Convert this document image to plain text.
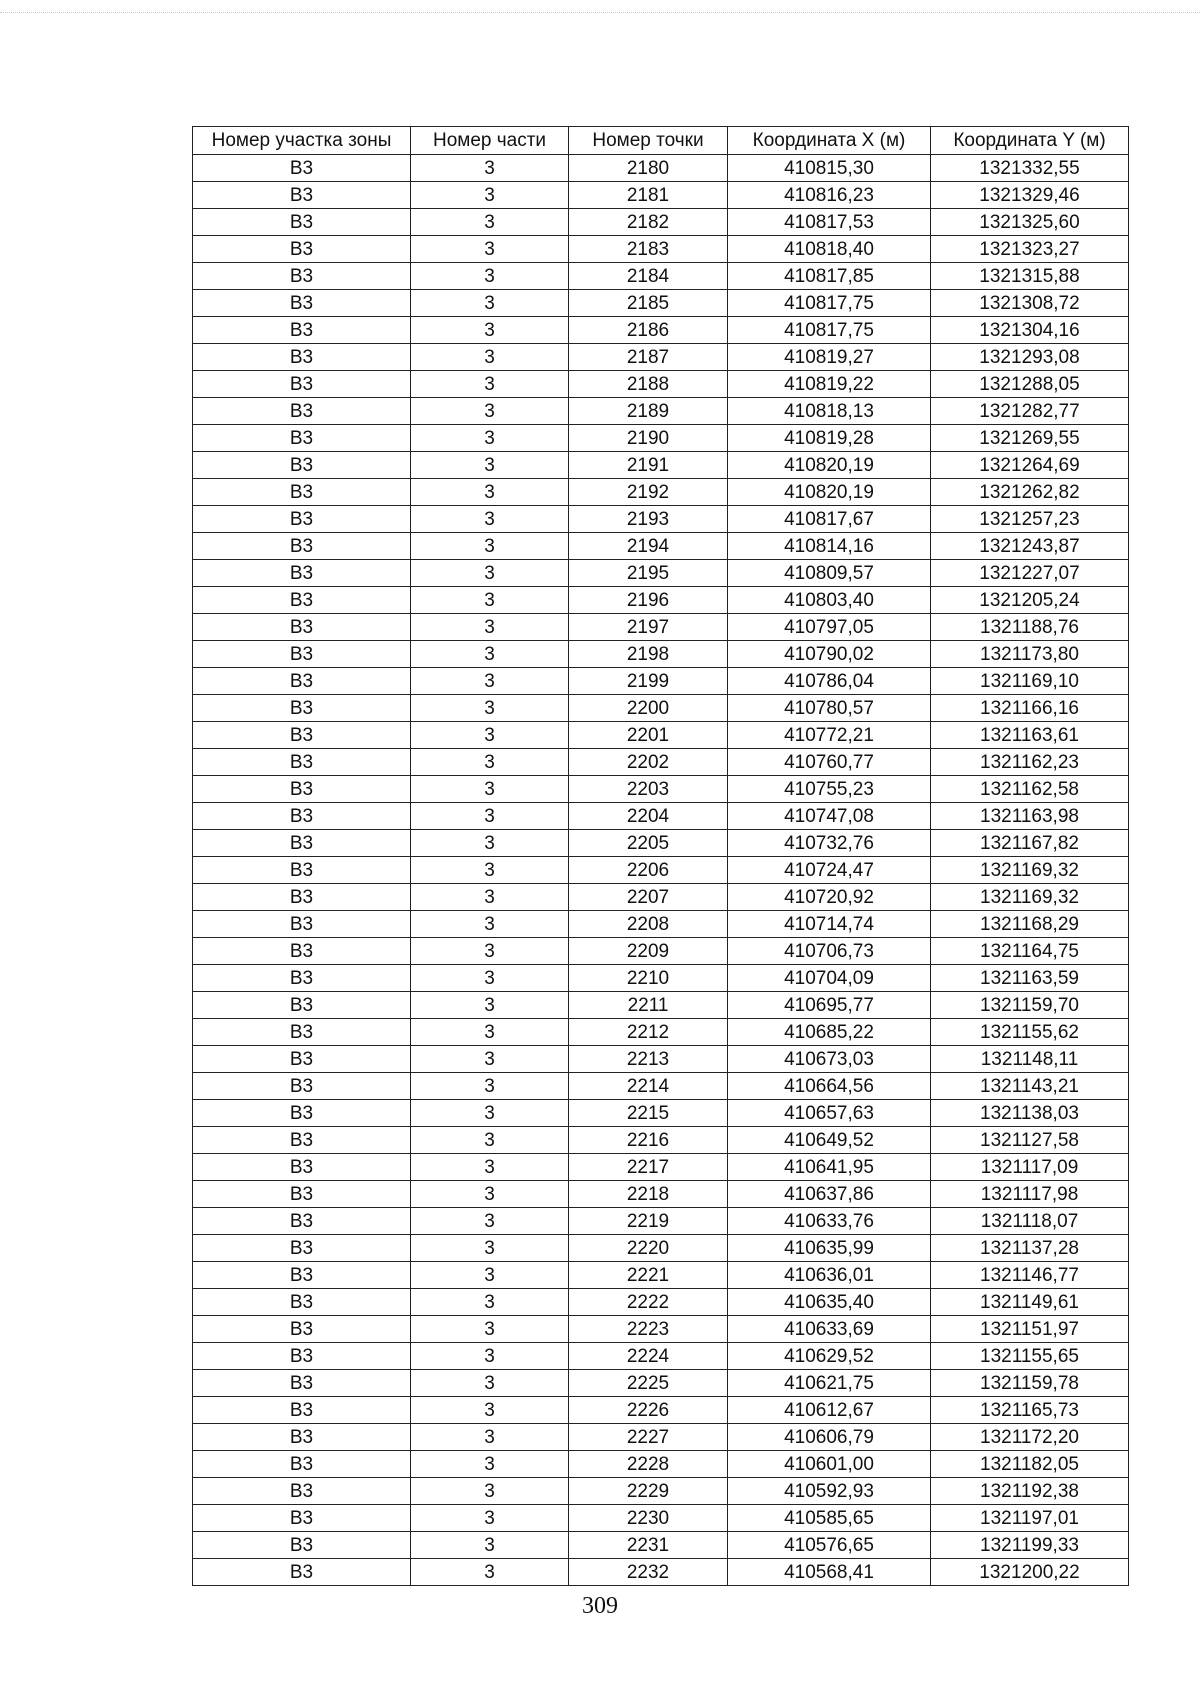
Номер участка зоны	Номер части	Номер точки	Координата X (м)	Координата Y (м)
В3	3	2180	410815,30	1321332,55
В3	3	2181	410816,23	1321329,46
В3	3	2182	410817,53	1321325,60
В3	3	2183	410818,40	1321323,27
В3	3	2184	410817,85	1321315,88
В3	3	2185	410817,75	1321308,72
В3	3	2186	410817,75	1321304,16
В3	3	2187	410819,27	1321293,08
В3	3	2188	410819,22	1321288,05
В3	3	2189	410818,13	1321282,77
В3	3	2190	410819,28	1321269,55
В3	3	2191	410820,19	1321264,69
В3	3	2192	410820,19	1321262,82
В3	3	2193	410817,67	1321257,23
В3	3	2194	410814,16	1321243,87
В3	3	2195	410809,57	1321227,07
В3	3	2196	410803,40	1321205,24
В3	3	2197	410797,05	1321188,76
В3	3	2198	410790,02	1321173,80
В3	3	2199	410786,04	1321169,10
В3	3	2200	410780,57	1321166,16
В3	3	2201	410772,21	1321163,61
В3	3	2202	410760,77	1321162,23
В3	3	2203	410755,23	1321162,58
В3	3	2204	410747,08	1321163,98
В3	3	2205	410732,76	1321167,82
В3	3	2206	410724,47	1321169,32
В3	3	2207	410720,92	1321169,32
В3	3	2208	410714,74	1321168,29
В3	3	2209	410706,73	1321164,75
В3	3	2210	410704,09	1321163,59
В3	3	2211	410695,77	1321159,70
В3	3	2212	410685,22	1321155,62
В3	3	2213	410673,03	1321148,11
В3	3	2214	410664,56	1321143,21
В3	3	2215	410657,63	1321138,03
В3	3	2216	410649,52	1321127,58
В3	3	2217	410641,95	1321117,09
В3	3	2218	410637,86	1321117,98
В3	3	2219	410633,76	1321118,07
В3	3	2220	410635,99	1321137,28
В3	3	2221	410636,01	1321146,77
В3	3	2222	410635,40	1321149,61
В3	3	2223	410633,69	1321151,97
В3	3	2224	410629,52	1321155,65
В3	3	2225	410621,75	1321159,78
В3	3	2226	410612,67	1321165,73
В3	3	2227	410606,79	1321172,20
В3	3	2228	410601,00	1321182,05
В3	3	2229	410592,93	1321192,38
В3	3	2230	410585,65	1321197,01
В3	3	2231	410576,65	1321199,33
В3	3	2232	410568,41	1321200,22
309
